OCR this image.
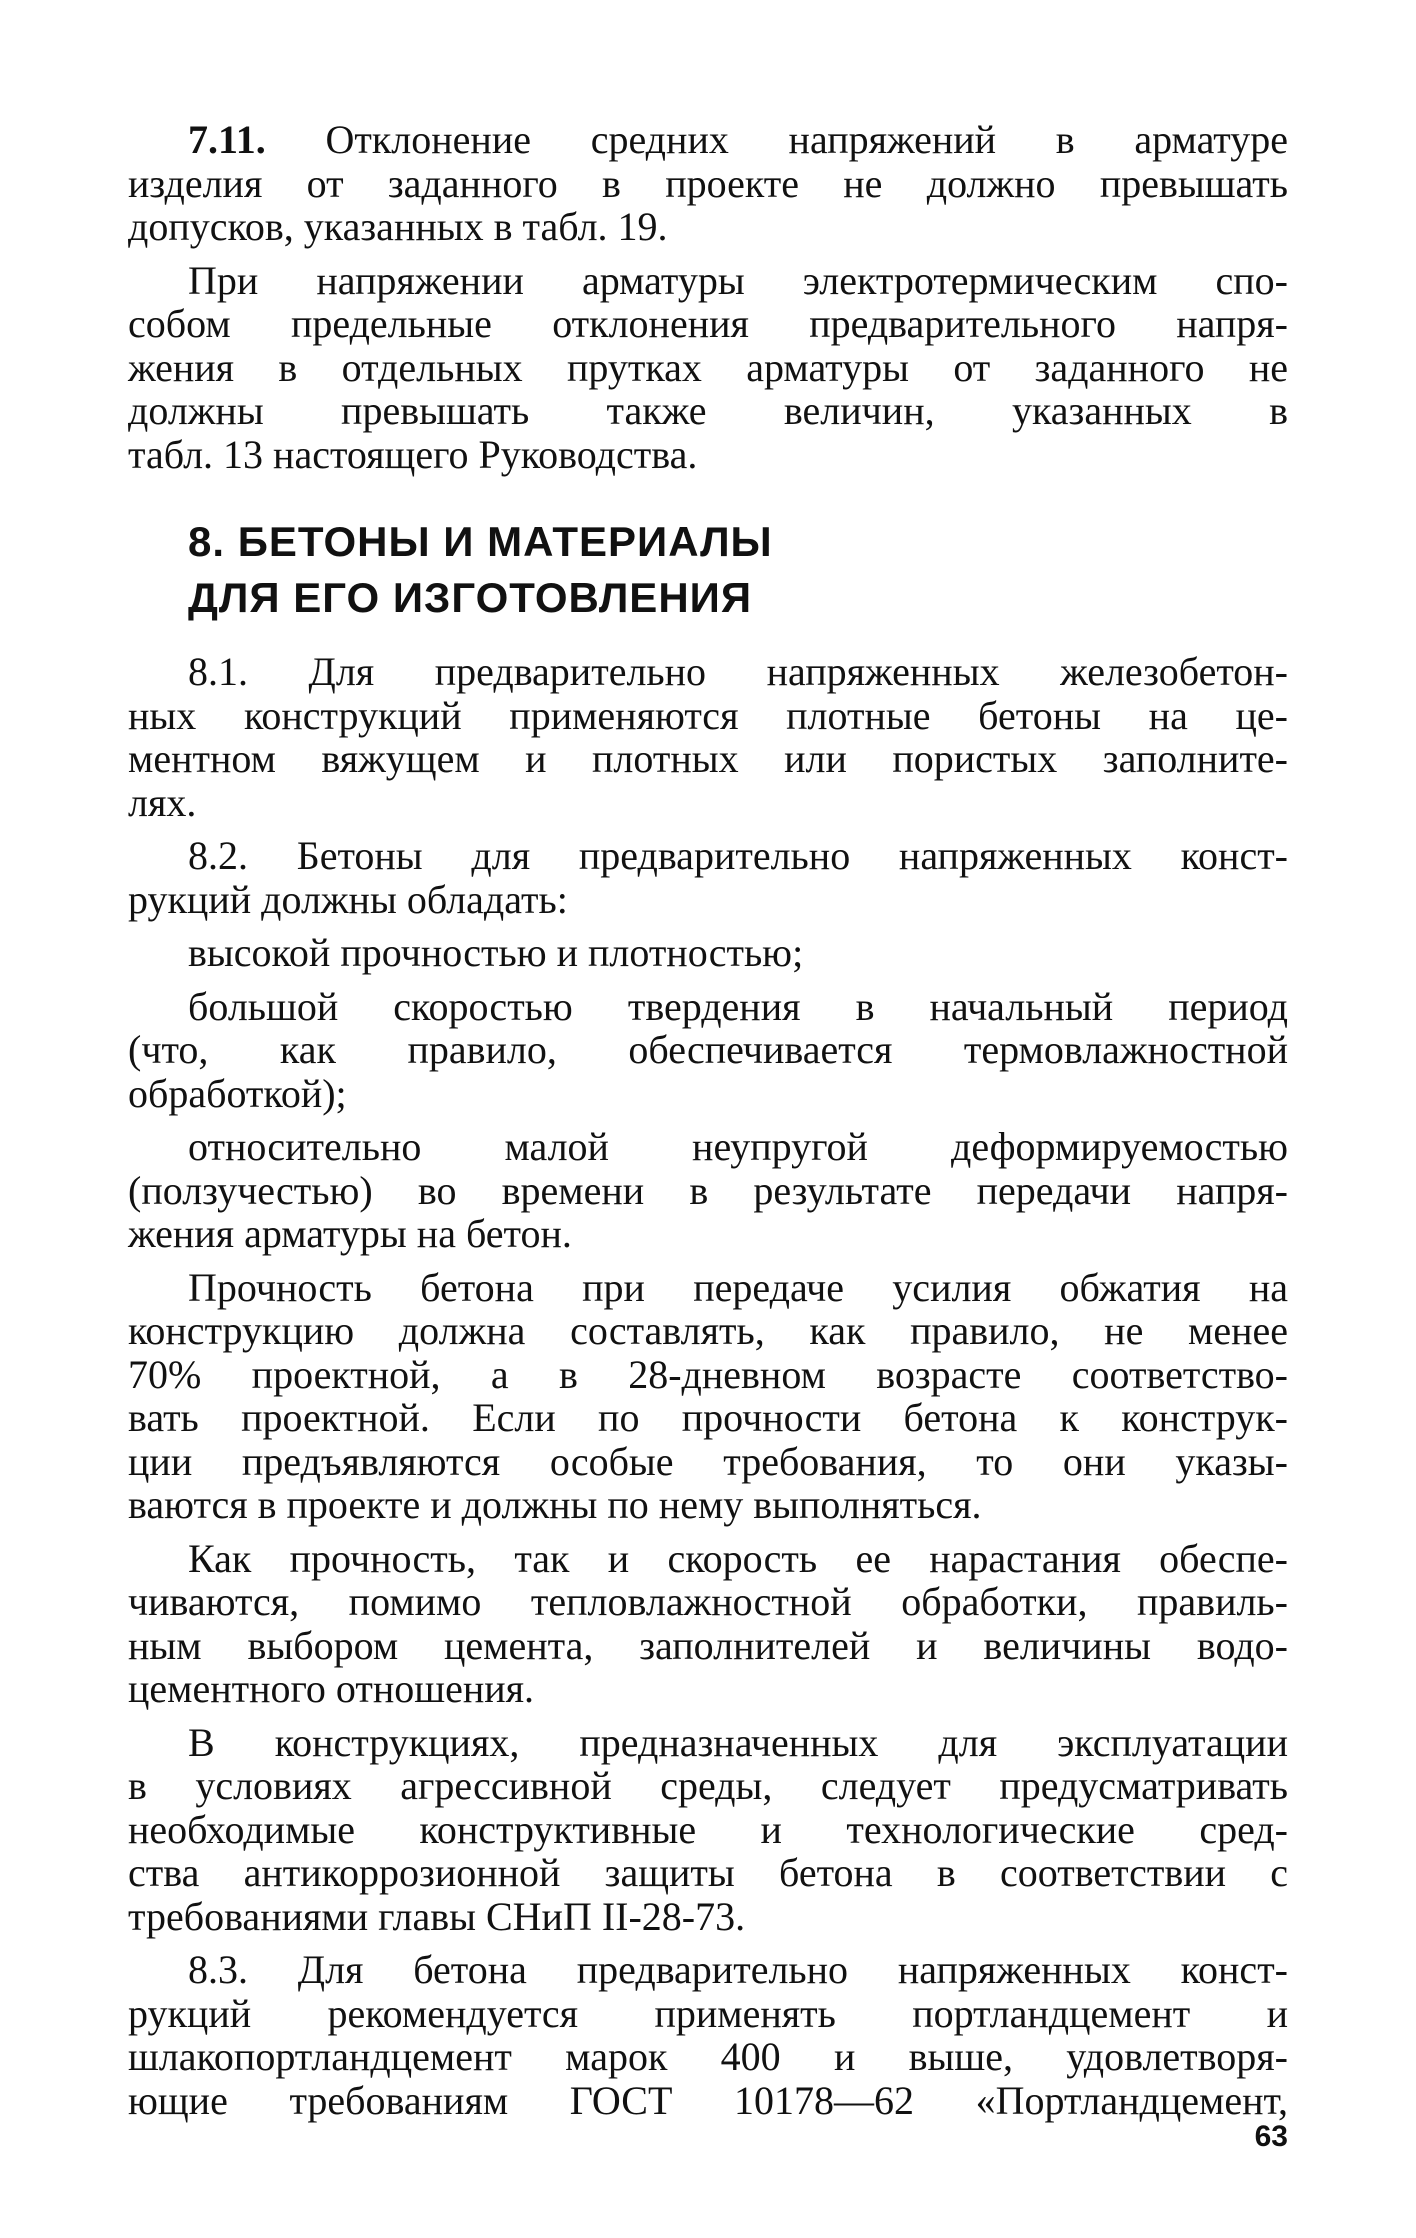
7.11. Отклонение средних напряжений в арматуре
изделия от заданного в проекте не должно превышать
допусков, указанных в табл. 19.
При напряжении арматуры электротермическим спо-
собом предельные отклонения предварительного напря-
жения в отдельных прутках арматуры от заданного не
должны превышать также величин, указанных в
табл. 13 настоящего Руководства.
8. БЕТОНЫ И МАТЕРИАЛЫ
ДЛЯ ЕГО ИЗГОТОВЛЕНИЯ
8.1. Для предварительно напряженных железобетон-
ных конструкций применяются плотные бетоны на це-
ментном вяжущем и плотных или пористых заполните-
лях.
8.2. Бетоны для предварительно напряженных конст-
рукций должны обладать:
высокой прочностью и плотностью;
большой скоростью твердения в начальный период
(что, как правило, обеспечивается термовлажностной
обработкой);
относительно малой неупругой деформируемостью
(ползучестью) во времени в результате передачи напря-
жения арматуры на бетон.
Прочность бетона при передаче усилия обжатия на
конструкцию должна составлять, как правило, не менее
70% проектной, а в 28-дневном возрасте соответство-
вать проектной. Если по прочности бетона к конструк-
ции предъявляются особые требования, то они указы-
ваются в проекте и должны по нему выполняться.
Как прочность, так и скорость ее нарастания обеспе-
чиваются, помимо тепловлажностной обработки, правиль-
ным выбором цемента, заполнителей и величины водо-
цементного отношения.
В конструкциях, предназначенных для эксплуатации
в условиях агрессивной среды, следует предусматривать
необходимые конструктивные и технологические сред-
ства антикоррозионной защиты бетона в соответствии с
требованиями главы СНиП II-28-73.
8.3. Для бетона предварительно напряженных конст-
рукций рекомендуется применять портландцемент и
шлакопортландцемент марок 400 и выше, удовлетворя-
ющие требованиям ГОСТ 10178—62 «Портландцемент,
63
